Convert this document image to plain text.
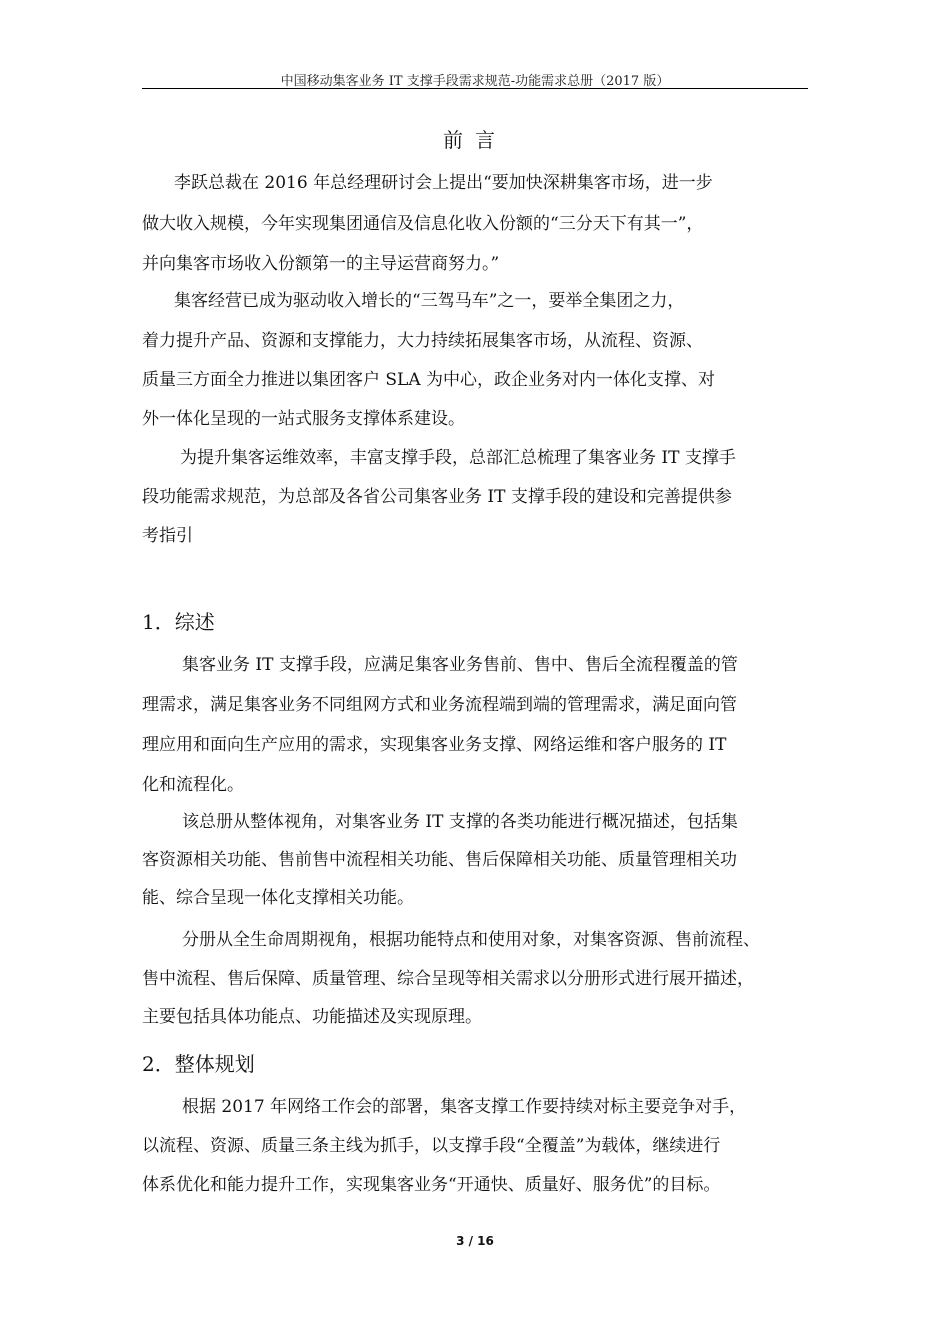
中国移动集客业务 IT 支撑手段需求规范-功能需求总册（2017 版）
前言
李跃总裁在 2016 年总经理研讨会上提出“要加快深耕集客市场，进一步
做大收入规模，今年实现集团通信及信息化收入份额的“三分天下有其一”，
并向集客市场收入份额第一的主导运营商努力。”
集客经营已成为驱动收入增长的“三驾马车”之一，要举全集团之力，
着力提升产品、资源和支撑能力，大力持续拓展集客市场，从流程、资源、
质量三方面全力推进以集团客户 SLA 为中心，政企业务对内一体化支撑、对
外一体化呈现的一站式服务支撑体系建设。
为提升集客运维效率，丰富支撑手段，总部汇总梳理了集客业务 IT 支撑手
段功能需求规范，为总部及各省公司集客业务 IT 支撑手段的建设和完善提供参
考指引
1．综述
集客业务 IT 支撑手段，应满足集客业务售前、售中、售后全流程覆盖的管
理需求，满足集客业务不同组网方式和业务流程端到端的管理需求，满足面向管
理应用和面向生产应用的需求，实现集客业务支撑、网络运维和客户服务的 IT
化和流程化。
该总册从整体视角，对集客业务 IT 支撑的各类功能进行概况描述，包括集
客资源相关功能、售前售中流程相关功能、售后保障相关功能、质量管理相关功
能、综合呈现一体化支撑相关功能。
分册从全生命周期视角，根据功能特点和使用对象，对集客资源、售前流程、
售中流程、售后保障、质量管理、综合呈现等相关需求以分册形式进行展开描述，
主要包括具体功能点、功能描述及实现原理。
2．整体规划
根据 2017 年网络工作会的部署，集客支撑工作要持续对标主要竞争对手，
以流程、资源、质量三条主线为抓手，以支撑手段“全覆盖”为载体，继续进行
体系优化和能力提升工作，实现集客业务“开通快、质量好、服务优”的目标。
3 / 16
